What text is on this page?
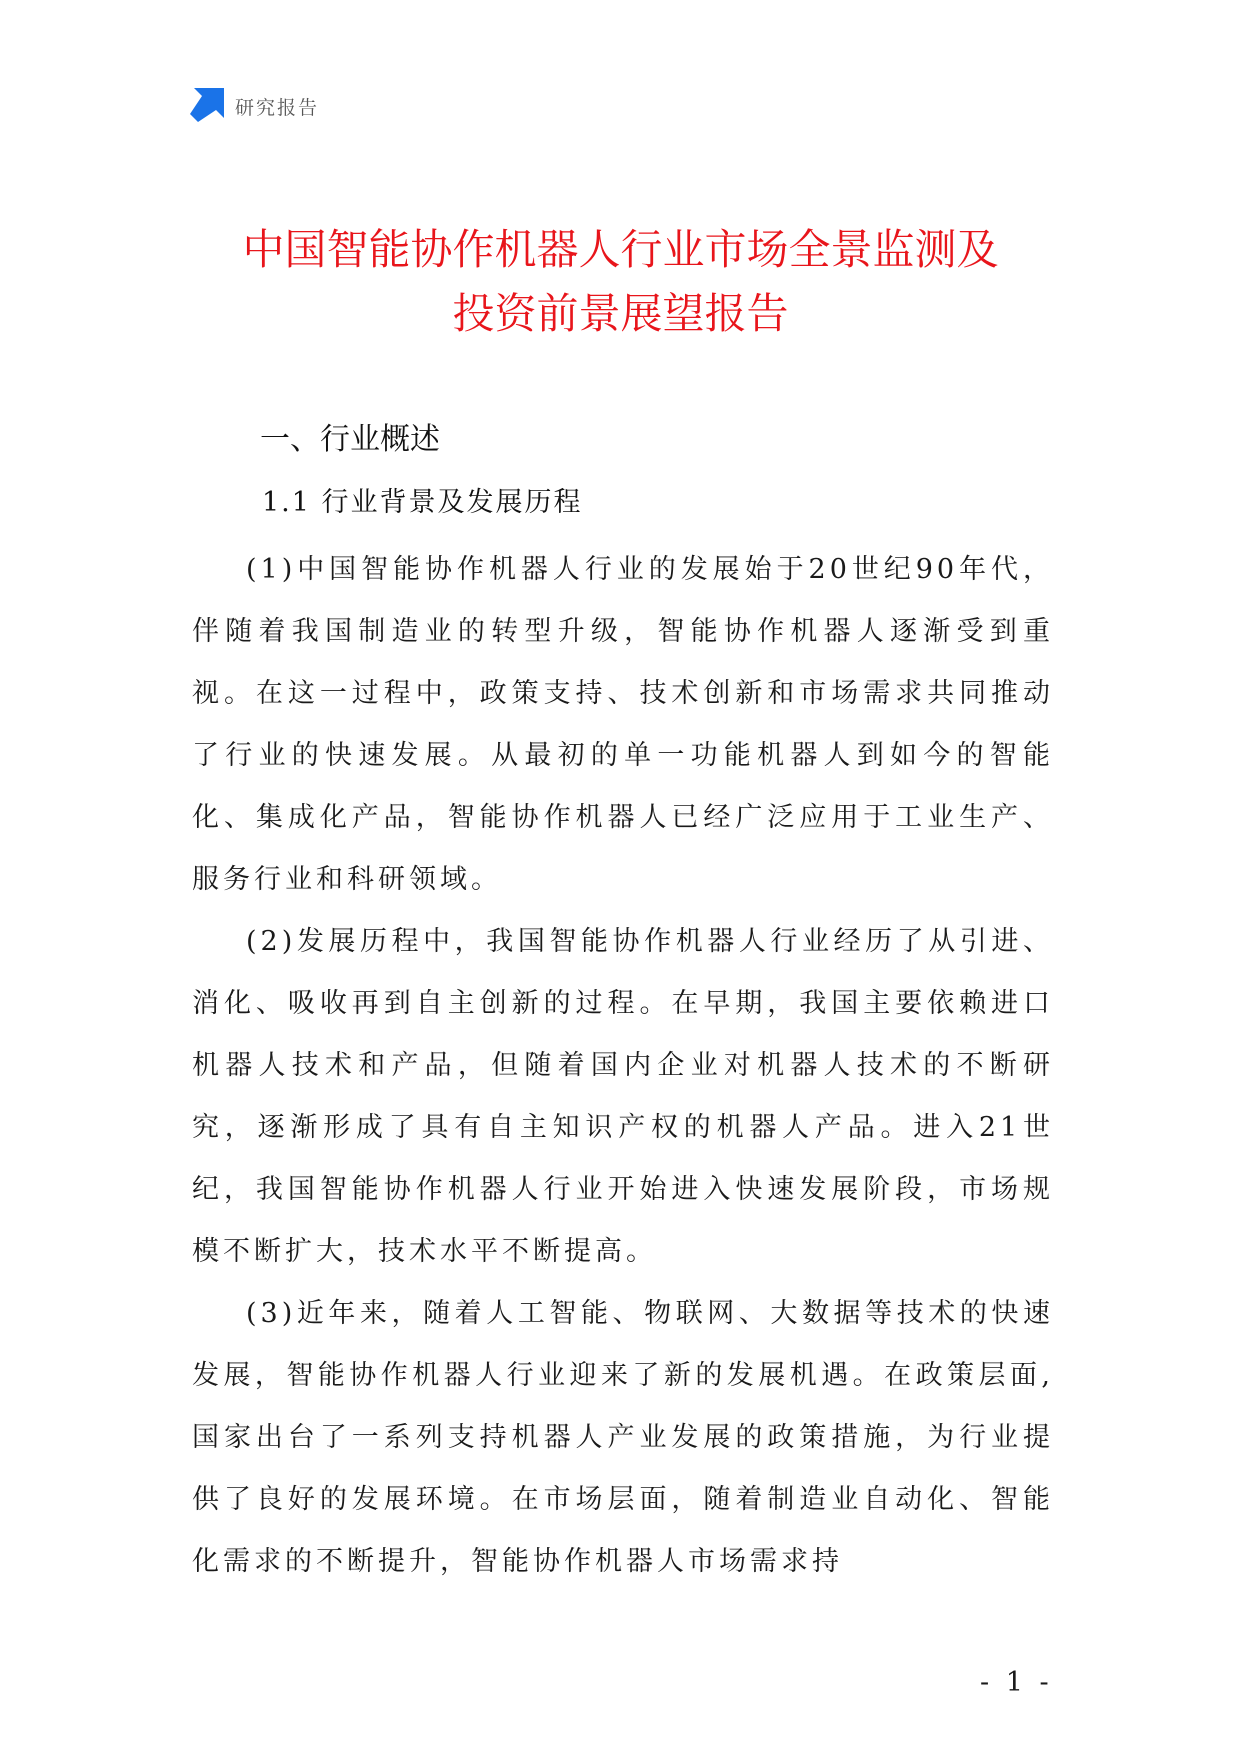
研究报告
中国智能协作机器人行业市场全景监测及
投资前景展望报告
一、行业概述
1.1 行业背景及发展历程

(1)中国智能协作机器人行业的发展始于20世纪90年代，伴随着我国制造业的转型升级，智能协作机器人逐渐受到重视。在这一过程中，政策支持、技术创新和市场需求共同推动了行业的快速发展。从最初的单一功能机器人到如今的智能化、集成化产品，智能协作机器人已经广泛应用于工业生产、服务行业和科研领域。

(2)发展历程中，我国智能协作机器人行业经历了从引进、消化、吸收再到自主创新的过程。在早期，我国主要依赖进口机器人技术和产品，但随着国内企业对机器人技术的不断研究，逐渐形成了具有自主知识产权的机器人产品。进入21世纪，我国智能协作机器人行业开始进入快速发展阶段，市场规模不断扩大，技术水平不断提高。

(3)近年来，随着人工智能、物联网、大数据等技术的快速发展，智能协作机器人行业迎来了新的发展机遇。在政策层面,国家出台了一系列支持机器人产业发展的政策措施，为行业提供了良好的发展环境。在市场层面，随着制造业自动化、智能化需求的不断提升，智能协作机器人市场需求持

- 1 -
